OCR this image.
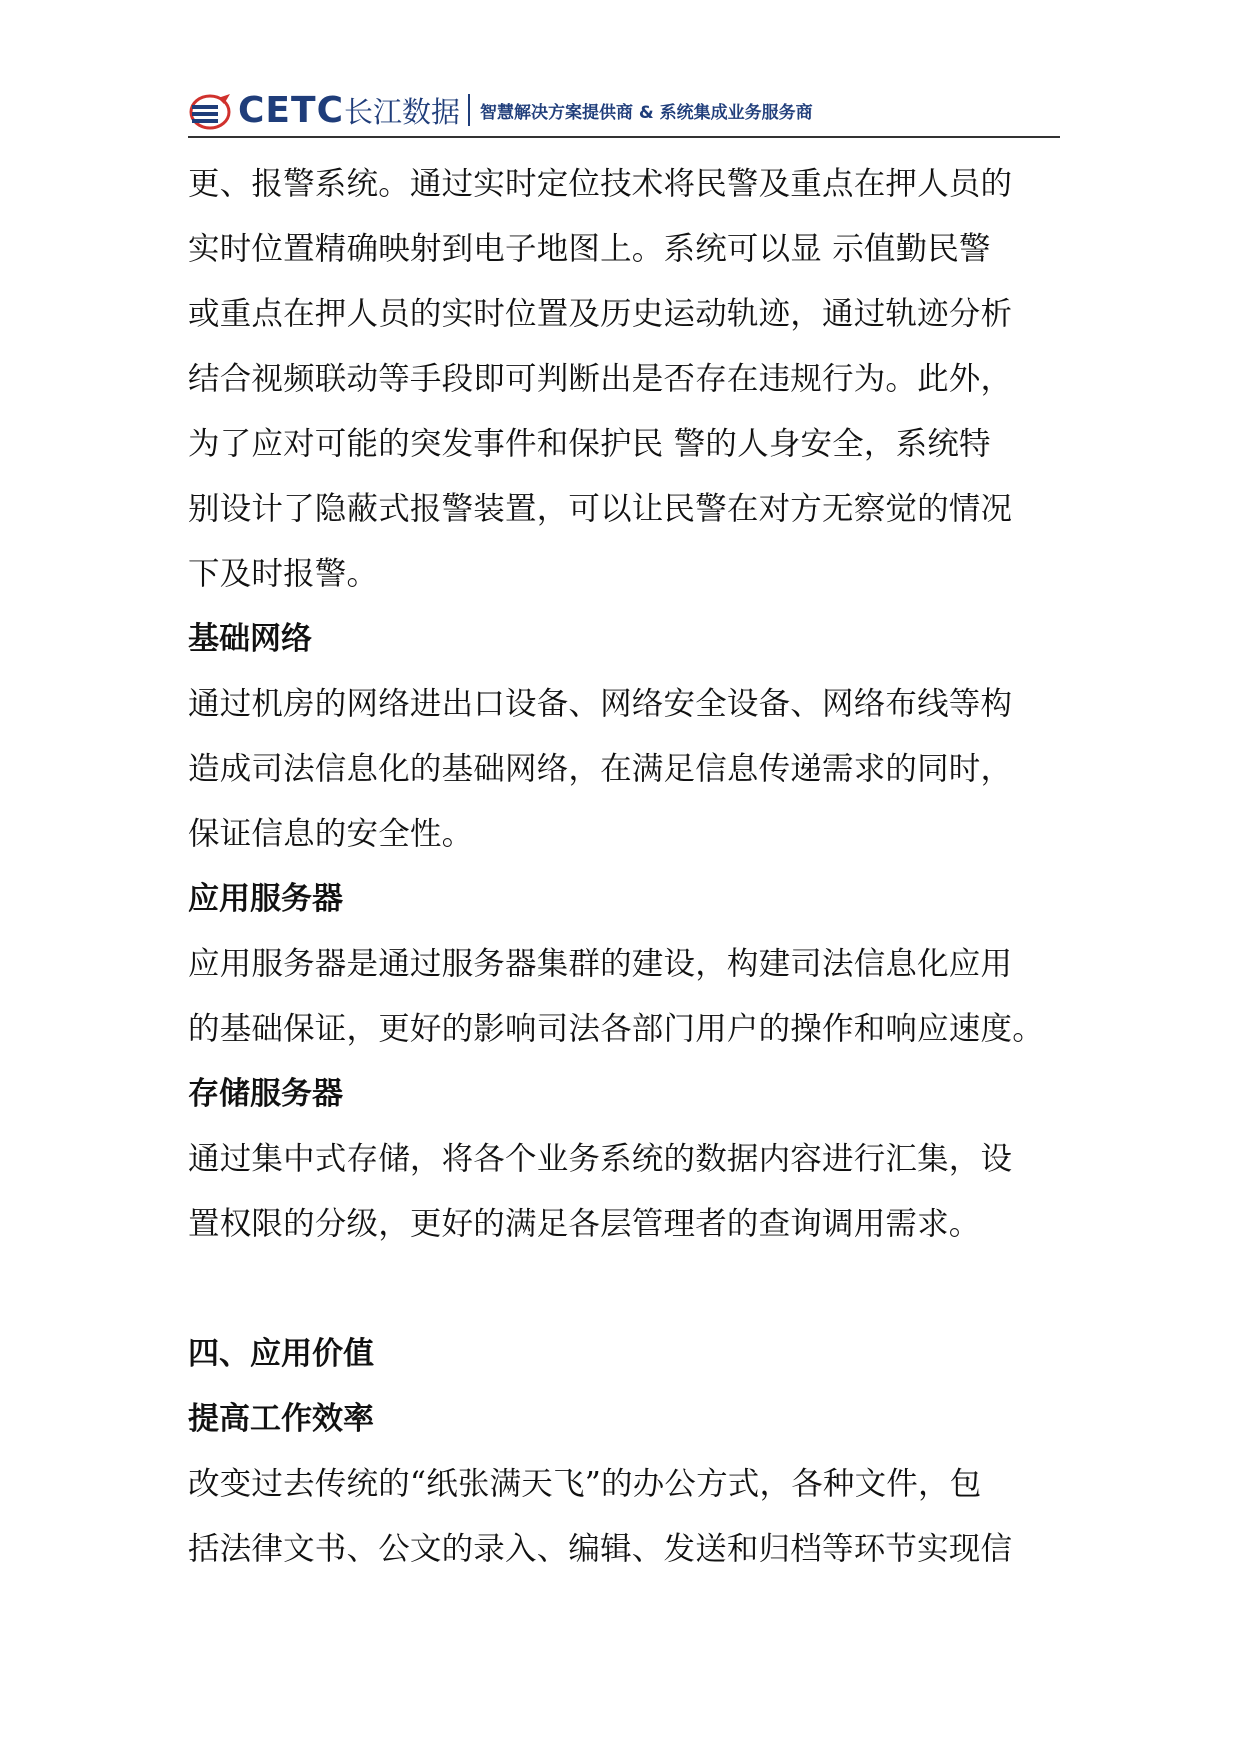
CETC 长江数据 智慧解决方案提供商 & 系统集成业务服务商
更、报警系统。通过实时定位技术将民警及重点在押人员的
实时位置精确映射到电子地图上。系统可以显 示值勤民警
或重点在押人员的实时位置及历史运动轨迹，通过轨迹分析
结合视频联动等手段即可判断出是否存在违规行为。此外，
为了应对可能的突发事件和保护民 警的人身安全，系统特
别设计了隐蔽式报警装置，可以让民警在对方无察觉的情况
下及时报警。
基础网络
通过机房的网络进出口设备、网络安全设备、网络布线等构
造成司法信息化的基础网络，在满足信息传递需求的同时，
保证信息的安全性。
应用服务器
应用服务器是通过服务器集群的建设，构建司法信息化应用
的基础保证，更好的影响司法各部门用户的操作和响应速度。
存储服务器
通过集中式存储，将各个业务系统的数据内容进行汇集，设
置权限的分级，更好的满足各层管理者的查询调用需求。
四、应用价值
提高工作效率
改变过去传统的“纸张满天飞”的办公方式，各种文件，包
括法律文书、公文的录入、编辑、发送和归档等环节实现信
